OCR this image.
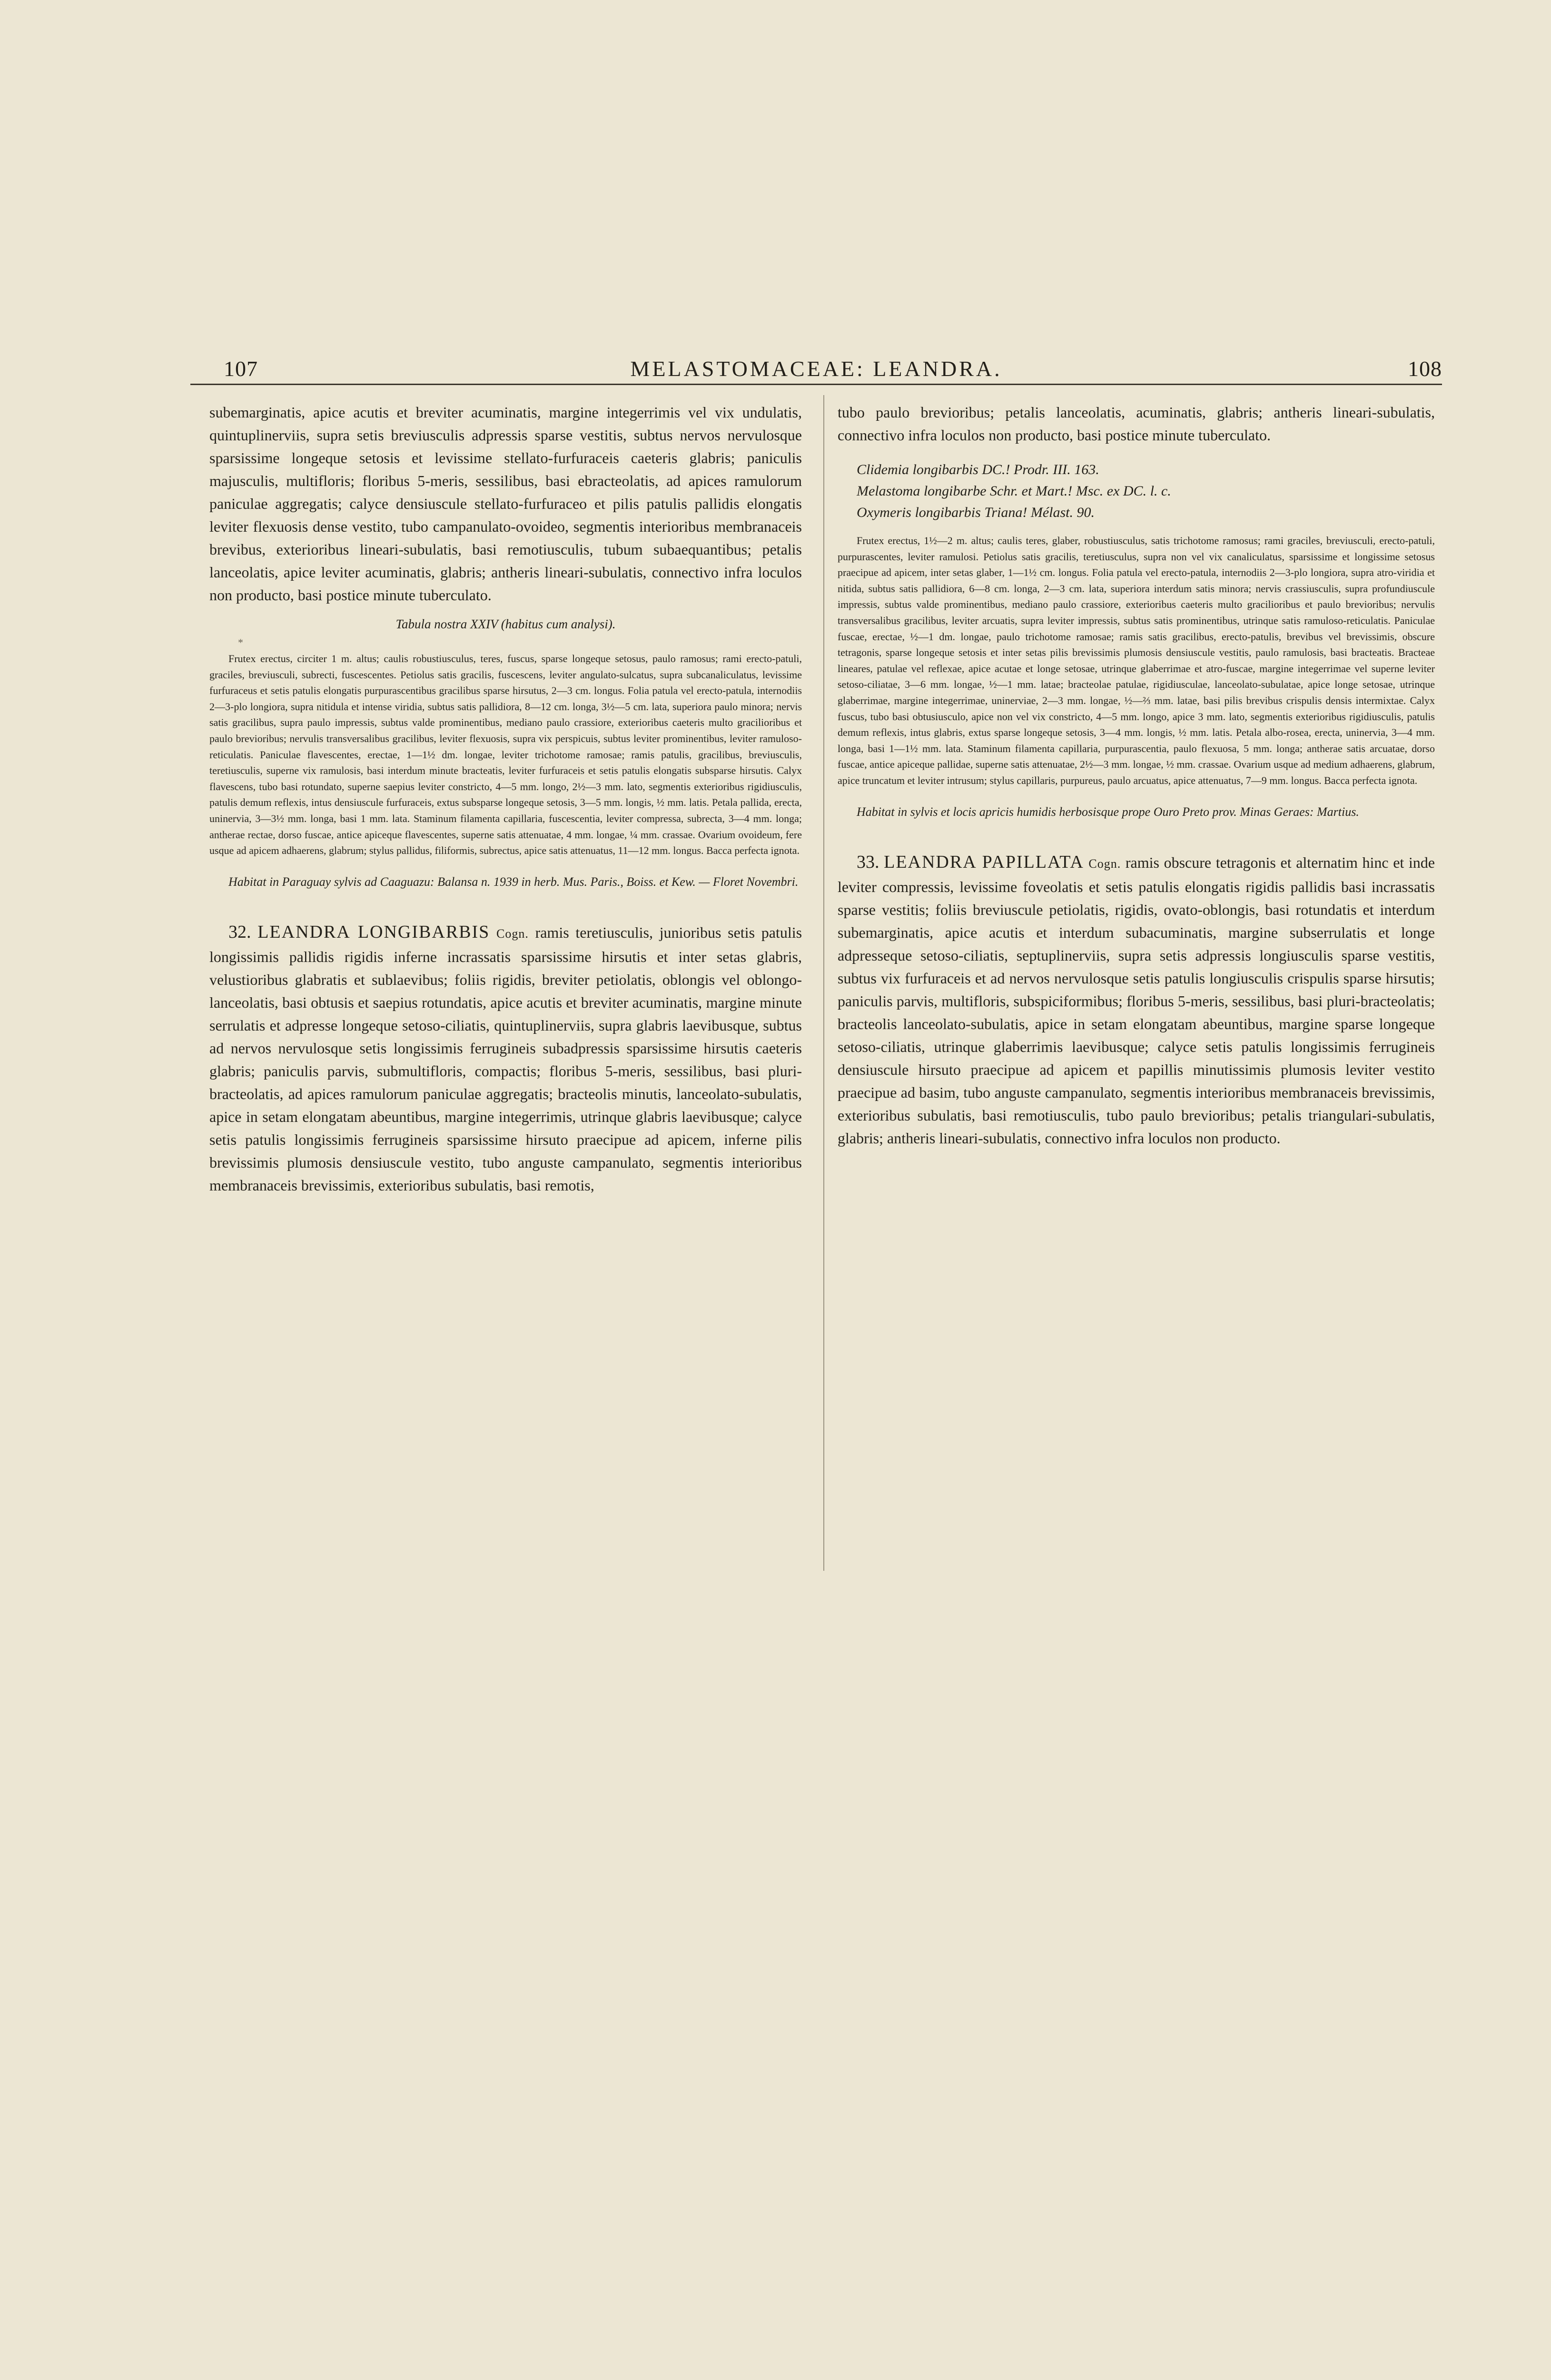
107	MELASTOMACEAE: LEANDRA.	108

subemarginatis, apice acutis et breviter acuminatis, margine integerrimis vel vix undulatis, quintuplinerviis, supra setis breviusculis adpressis sparse vestitis, subtus nervos nervulosque sparsissime longeque setosis et levissime stellato-furfuraceis caeteris glabris; paniculis majusculis, multifloris; floribus 5-meris, sessilibus, basi ebracteolatis, ad apices ramulorum paniculae aggregatis; calyce densiuscule stellato-furfuraceo et pilis patulis pallidis elongatis leviter flexuosis dense vestito, tubo campanulato-ovoideo, segmentis interioribus membranaceis brevibus, exterioribus lineari-subulatis, basi remotiusculis, tubum subaequantibus; petalis lanceolatis, apice leviter acuminatis, glabris; antheris lineari-subulatis, connectivo infra loculos non producto, basi postice minute tuberculato.

Tabula nostra XXIV (habitus cum analysi).

*

Frutex erectus, circiter 1 m. altus; caulis robustiusculus, teres, fuscus, sparse longeque setosus, paulo ramosus; rami erecto-patuli, graciles, breviusculi, subrecti, fuscescentes. Petiolus satis gracilis, fuscescens, leviter angulato-sulcatus, supra subcanaliculatus, levissime furfuraceus et setis patulis elongatis purpurascentibus gracilibus sparse hirsutus, 2—3 cm. longus. Folia patula vel erecto-patula, internodiis 2—3-plo longiora, supra nitidula et intense viridia, subtus satis pallidiora, 8—12 cm. longa, 3½—5 cm. lata, superiora paulo minora; nervis satis gracilibus, supra paulo impressis, subtus valde prominentibus, mediano paulo crassiore, exterioribus caeteris multo gracilioribus et paulo brevioribus; nervulis transversalibus gracilibus, leviter flexuosis, supra vix perspicuis, subtus leviter prominentibus, leviter ramuloso-reticulatis. Paniculae flavescentes, erectae, 1—1½ dm. longae, leviter trichotome ramosae; ramis patulis, gracilibus, breviusculis, teretiusculis, superne vix ramulosis, basi interdum minute bracteatis, leviter furfuraceis et setis patulis elongatis subsparse hirsutis. Calyx flavescens, tubo basi rotundato, superne saepius leviter constricto, 4—5 mm. longo, 2½—3 mm. lato, segmentis exterioribus rigidiusculis, patulis demum reflexis, intus densiuscule furfuraceis, extus subsparse longeque setosis, 3—5 mm. longis, ½ mm. latis. Petala pallida, erecta, uninervia, 3—3½ mm. longa, basi 1 mm. lata. Staminum filamenta capillaria, fuscescentia, leviter compressa, subrecta, 3—4 mm. longa; antherae rectae, dorso fuscae, antice apiceque flavescentes, superne satis attenuatae, 4 mm. longae, ¼ mm. crassae. Ovarium ovoideum, fere usque ad apicem adhaerens, glabrum; stylus pallidus, filiformis, subrectus, apice satis attenuatus, 11—12 mm. longus. Bacca perfecta ignota.

Habitat in Paraguay sylvis ad Caaguazu: Balansa n. 1939 in herb. Mus. Paris., Boiss. et Kew. — Floret Novembri.

32. LEANDRA LONGIBARBIS Cogn. ramis teretiusculis, junioribus setis patulis longissimis pallidis rigidis inferne incrassatis sparsissime hirsutis et inter setas glabris, velustioribus glabratis et sublaevibus; foliis rigidis, breviter petiolatis, oblongis vel oblongo-lanceolatis, basi obtusis et saepius rotundatis, apice acutis et breviter acuminatis, margine minute serrulatis et adpresse longeque setoso-ciliatis, quintuplinerviis, supra glabris laevibusque, subtus ad nervos nervulosque setis longissimis ferrugineis subadpressis sparsissime hirsutis caeteris glabris; paniculis parvis, submultifloris, compactis; floribus 5-meris, sessilibus, basi pluri-bracteolatis, ad apices ramulorum paniculae aggregatis; bracteolis minutis, lanceolato-subulatis, apice in setam elongatam abeuntibus, margine integerrimis, utrinque glabris laevibusque; calyce setis patulis longissimis ferrugineis sparsissime hirsuto praecipue ad apicem, inferne pilis brevissimis plumosis densiuscule vestito, tubo anguste campanulato, segmentis interioribus membranaceis brevissimis, exterioribus subulatis, basi remotis,

tubo paulo brevioribus; petalis lanceolatis, acuminatis, glabris; antheris lineari-subulatis, connectivo infra loculos non producto, basi postice minute tuberculato.

Clidemia longibarbis DC.! Prodr. III. 163.
Melastoma longibarbe Schr. et Mart.! Msc. ex DC. l. c.
Oxymeris longibarbis Triana! Mélast. 90.

Frutex erectus, 1½—2 m. altus; caulis teres, glaber, robustiusculus, satis trichotome ramosus; rami graciles, breviusculi, erecto-patuli, purpurascentes, leviter ramulosi. Petiolus satis gracilis, teretiusculus, supra non vel vix canaliculatus, sparsissime et longissime setosus praecipue ad apicem, inter setas glaber, 1—1½ cm. longus. Folia patula vel erecto-patula, internodiis 2—3-plo longiora, supra atro-viridia et nitida, subtus satis pallidiora, 6—8 cm. longa, 2—3 cm. lata, superiora interdum satis minora; nervis crassiusculis, supra profundiuscule impressis, subtus valde prominentibus, mediano paulo crassiore, exterioribus caeteris multo gracilioribus et paulo brevioribus; nervulis transversalibus gracilibus, leviter arcuatis, supra leviter impressis, subtus satis prominentibus, utrinque satis ramuloso-reticulatis. Paniculae fuscae, erectae, ½—1 dm. longae, paulo trichotome ramosae; ramis satis gracilibus, erecto-patulis, brevibus vel brevissimis, obscure tetragonis, sparse longeque setosis et inter setas pilis brevissimis plumosis densiuscule vestitis, paulo ramulosis, basi bracteatis. Bracteae lineares, patulae vel reflexae, apice acutae et longe setosae, utrinque glaberrimae et atro-fuscae, margine integerrimae vel superne leviter setoso-ciliatae, 3—6 mm. longae, ½—1 mm. latae; bracteolae patulae, rigidiusculae, lanceolato-subulatae, apice longe setosae, utrinque glaberrimae, margine integerrimae, uninerviae, 2—3 mm. longae, ½—⅔ mm. latae, basi pilis brevibus crispulis densis intermixtae. Calyx fuscus, tubo basi obtusiusculo, apice non vel vix constricto, 4—5 mm. longo, apice 3 mm. lato, segmentis exterioribus rigidiusculis, patulis demum reflexis, intus glabris, extus sparse longeque setosis, 3—4 mm. longis, ½ mm. latis. Petala albo-rosea, erecta, uninervia, 3—4 mm. longa, basi 1—1½ mm. lata. Staminum filamenta capillaria, purpurascentia, paulo flexuosa, 5 mm. longa; antherae satis arcuatae, dorso fuscae, antice apiceque pallidae, superne satis attenuatae, 2½—3 mm. longae, ½ mm. crassae. Ovarium usque ad medium adhaerens, glabrum, apice truncatum et leviter intrusum; stylus capillaris, purpureus, paulo arcuatus, apice attenuatus, 7—9 mm. longus. Bacca perfecta ignota.

Habitat in sylvis et locis apricis humidis herbosisque prope Ouro Preto prov. Minas Geraes: Martius.

33. LEANDRA PAPILLATA Cogn. ramis obscure tetragonis et alternatim hinc et inde leviter compressis, levissime foveolatis et setis patulis elongatis rigidis pallidis basi incrassatis sparse vestitis; foliis breviuscule petiolatis, rigidis, ovato-oblongis, basi rotundatis et interdum subemarginatis, apice acutis et interdum subacuminatis, margine subserrulatis et longe adpresseque setoso-ciliatis, septuplinerviis, supra setis adpressis longiusculis sparse vestitis, subtus vix furfuraceis et ad nervos nervulosque setis patulis longiusculis crispulis sparse hirsutis; paniculis parvis, multifloris, subspiciformibus; floribus 5-meris, sessilibus, basi pluri-bracteolatis; bracteolis lanceolato-subulatis, apice in setam elongatam abeuntibus, margine sparse longeque setoso-ciliatis, utrinque glaberrimis laevibusque; calyce setis patulis longissimis ferrugineis densiuscule hirsuto praecipue ad apicem et papillis minutissimis plumosis leviter vestito praecipue ad basim, tubo anguste campanulato, segmentis interioribus membranaceis brevissimis, exterioribus subulatis, basi remotiusculis, tubo paulo brevioribus; petalis triangulari-subulatis, glabris; antheris lineari-subulatis, connectivo infra loculos non producto.
